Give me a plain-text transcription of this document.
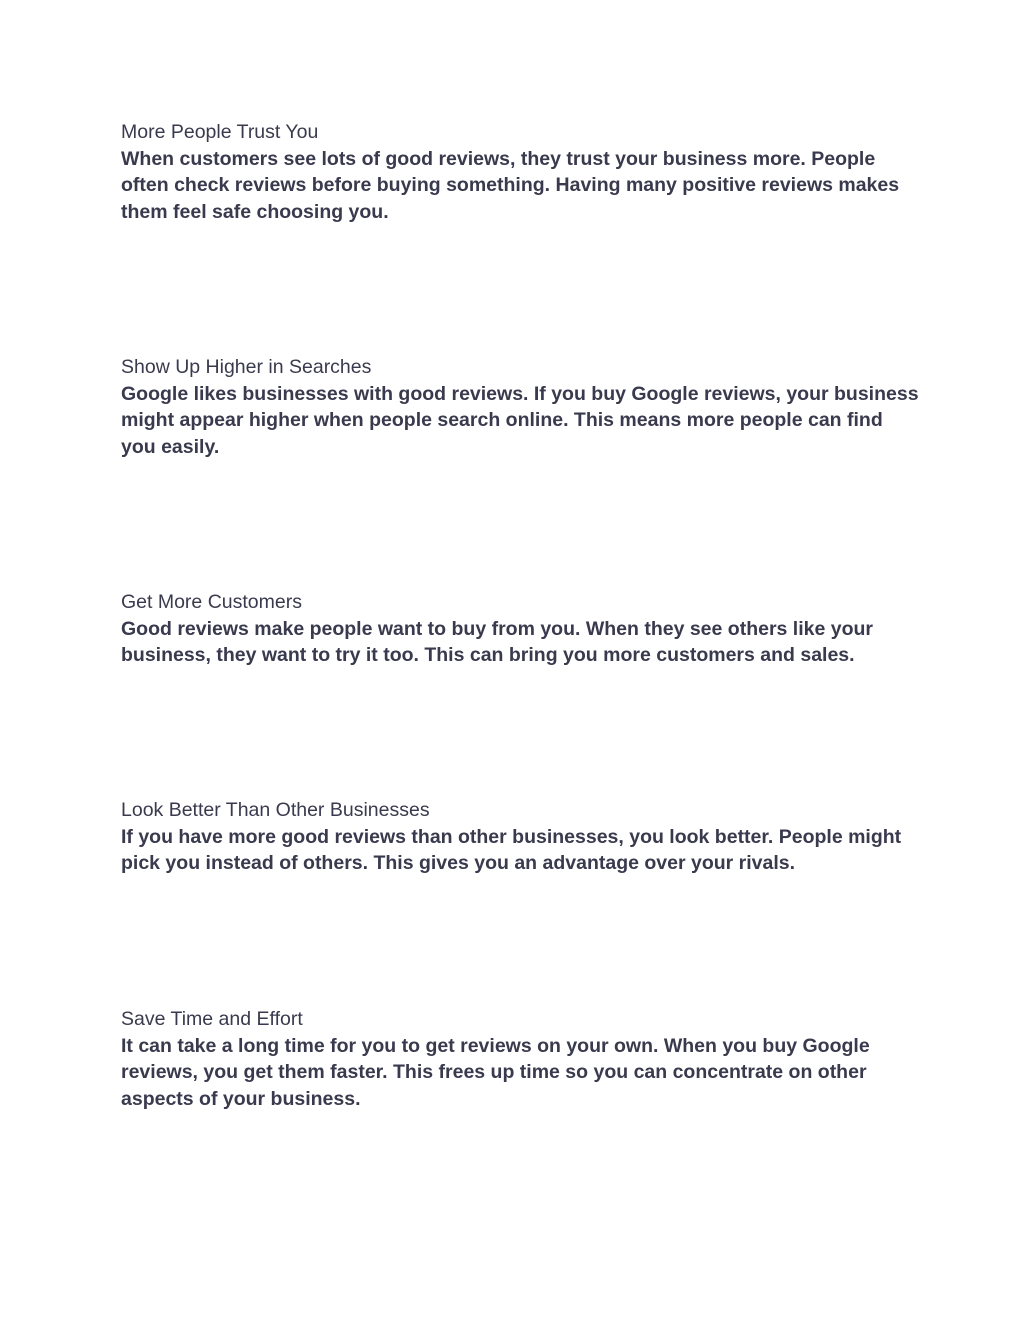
More People Trust You

When customers see lots of good reviews, they trust your business more. People often check reviews before buying something. Having many positive reviews makes them feel safe choosing you.

Show Up Higher in Searches

Google likes businesses with good reviews. If you buy Google reviews, your business might appear higher when people search online. This means more people can find you easily.

Get More Customers

Good reviews make people want to buy from you. When they see others like your business, they want to try it too. This can bring you more customers and sales.

Look Better Than Other Businesses

If you have more good reviews than other businesses, you look better. People might pick you instead of others. This gives you an advantage over your rivals.

Save Time and Effort

It can take a long time for you to get reviews on your own. When you buy Google reviews, you get them faster. This frees up time so you can concentrate on other aspects of your business.
